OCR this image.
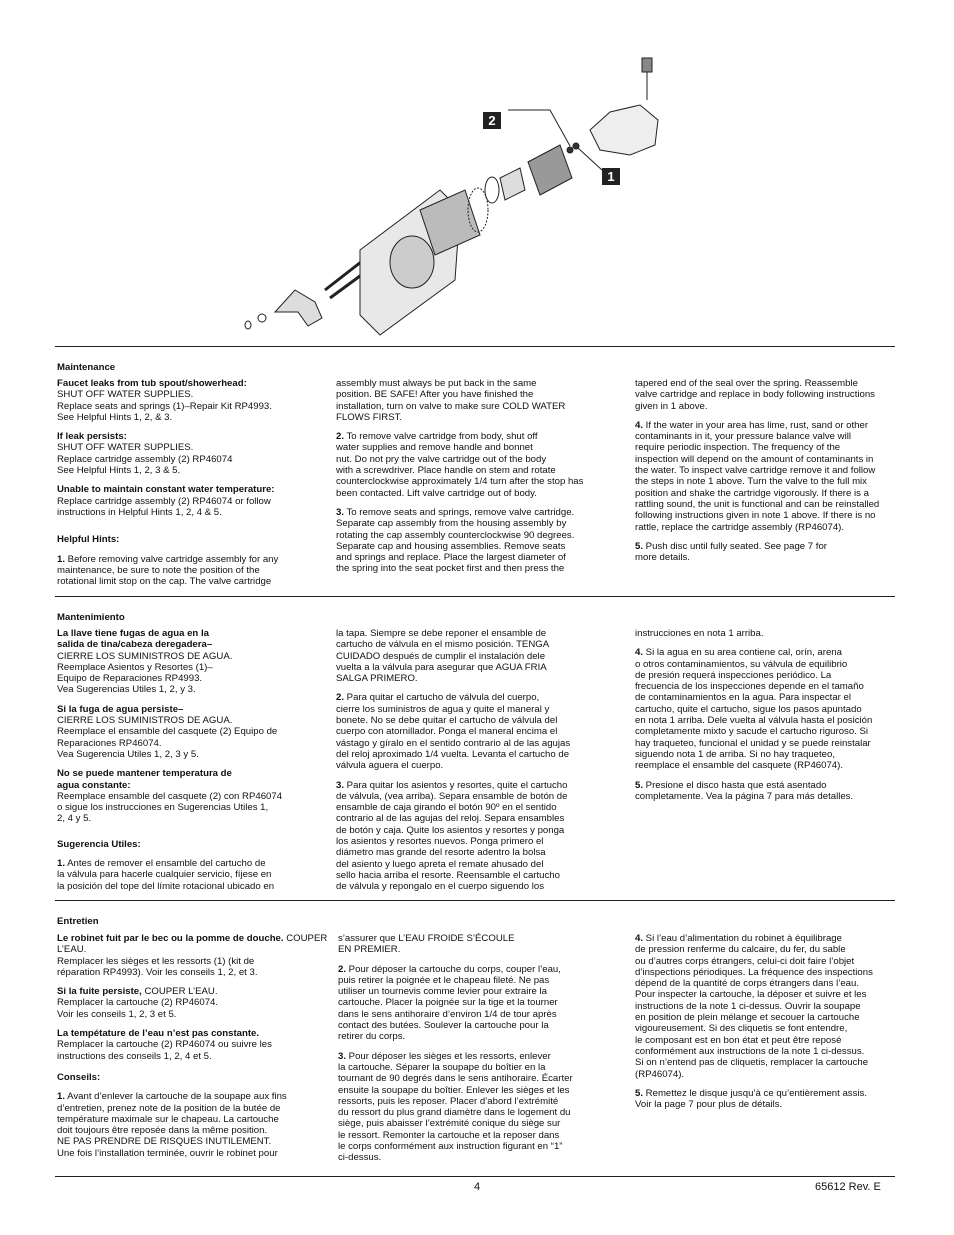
2
1
Maintenance

Faucet leaks from tub spout/showerhead:
SHUT OFF WATER SUPPLIES.
Replace seats and springs (1)–Repair Kit RP4993.
See Helpful Hints 1, 2, & 3.

If leak persists:
SHUT OFF WATER SUPPLIES.
Replace cartridge assembly (2) RP46074
See Helpful Hints 1, 2, 3 & 5.

Unable to maintain constant water temperature:
Replace cartridge assembly (2) RP46074 or follow
instructions in Helpful Hints 1, 2, 4 & 5.

Helpful Hints:

1. Before removing valve cartridge assembly for any
maintenance, be sure to note the position of the
rotational limit stop on the cap. The valve cartridge

assembly must always be put back in the same
position. BE SAFE! After you have finished the
installation, turn on valve to make sure COLD WATER
FLOWS FIRST.

2. To remove valve cartridge from body, shut off
water supplies and remove handle and bonnet
nut. Do not pry the valve cartridge out of the body
with a screwdriver. Place handle on stem and rotate
counterclockwise approximately 1/4 turn after the stop has
been contacted. Lift valve cartridge out of body.

3. To remove seats and springs, remove valve cartridge.
Separate cap assembly from the housing assembly by
rotating the cap assembly counterclockwise 90 degrees.
Separate cap and housing assemblies. Remove seats
and springs and replace. Place the largest diameter of
the spring into the seat pocket first and then press the

tapered end of the seal over the spring. Reassemble
valve cartridge and replace in body following instructions
given in 1 above.

4. If the water in your area has lime, rust, sand or other
contaminants in it, your pressure balance valve will
require periodic inspection. The frequency of the
inspection will depend on the amount of contaminants in
the water. To inspect valve cartridge remove it and follow
the steps in note 1 above. Turn the valve to the full mix
position and shake the cartridge vigorously. If there is a
rattling sound, the unit is functional and can be reinstalled
following instructions given in note 1 above. If there is no
rattle, replace the cartridge assembly (RP46074).

5. Push disc until fully seated. See page 7 for
more details.

Mantenimiento

La llave tiene fugas de agua en la
salida de tina/cabeza deregadera–
CIERRE LOS SUMINISTROS DE AGUA.
Reemplace Asientos y Resortes (1)–
Equipo de Reparaciones RP4993.
Vea Sugerencias Utiles 1, 2, y 3.

Si la fuga de agua persiste–
CIERRE LOS SUMINISTROS DE AGUA.
Reemplace el ensamble del casquete (2) Equipo de
Reparaciones RP46074.
Vea Sugerencia Utiles 1, 2, 3 y 5.

No se puede mantener temperatura de
agua constante:
Reemplace ensamble del casquete (2) con RP46074
o sigue los instrucciones en Sugerencias Utiles 1,
2, 4 y 5.

Sugerencia Utiles:

1. Antes de remover el ensamble del cartucho de
la válvula para hacerle cualquier servicio, fíjese en
la posición del tope del límite rotacional ubicado en

la tapa. Siempre se debe reponer el ensamble de
cartucho de válvula en el mismo posición. TENGA
CUIDADO después de cumplir el instalación dele
vuelta a la válvula para asegurar que AGUA FRIA
SALGA PRIMERO.

2. Para quitar el cartucho de válvula del cuerpo,
cierre los suministros de agua y quite el maneral y
bonete. No se debe quitar el cartucho de válvula del
cuerpo con atornillador. Ponga el maneral encima el
vástago y gíralo en el sentido contrario al de las agujas
del reloj aproximado 1/4 vuelta. Levanta el cartucho de
válvula aguera el cuerpo.

3. Para quitar los asientos y resortes, quite el cartucho
de válvula, (vea arriba). Separa ensamble de botón de
ensamble de caja girando el botón 90º en el sentido
contrario al de las agujas del reloj. Separa ensambles
de botón y caja. Quite los asientos y resortes y ponga
los asientos y resortes nuevos. Ponga primero el
diámetro mas grande del resorte adentro la bolsa
del asiento y luego apreta el remate ahusado del
sello hacia arriba el resorte. Reensamble el cartucho
de válvula y repongalo en el cuerpo siguendo los

instrucciones en nota 1 arriba.

4. Si la agua en su area contiene cal, orín, arena
o otros contaminamientos, su válvula de equilibrio
de presión requerá inspecciones periódico. La
frecuencia de los inspecciones depende en el tamaño
de contaminamientos en la agua. Para inspectar el
cartucho, quite el cartucho, sigue los pasos apuntado
en nota 1 arriba. Dele vuelta al válvula hasta el posición
completamente mixto y sacude el cartucho riguroso. Si
hay traqueteo, funcional el unidad y se puede reinstalar
siguendo nota 1 de arriba. Si no hay traqueteo,
reemplace el ensamble del casquete (RP46074).

5. Presione el disco hasta que está asentado
completamente. Vea la página 7 para más detalles.

Entretien

Le robinet fuit par le bec ou la pomme de douche. COUPER L’EAU.
Remplacer les sièges et les ressorts (1) (kit de
réparation RP4993). Voir les conseils 1, 2, et 3.

Si la fuite persiste, COUPER L’EAU.
Remplacer la cartouche (2) RP46074.
Voir les conseils 1, 2, 3 et 5.

La tempétature de l’eau n’est pas constante.
Remplacer la cartouche (2) RP46074 ou suivre les
instructions des conseils 1, 2, 4 et 5.

Conseils:

1. Avant d’enlever la cartouche de la soupape aux fins
d’entretien, prenez note de la position de la butée de
température maximale sur le chapeau. La cartouche
doit toujours être reposée dans la même position.
NE PAS PRENDRE DE RISQUES INUTILEMENT.
Une fois l’installation terminée, ouvrir le robinet pour

s’assurer que L’EAU FROIDE S’ÉCOULE
EN PREMIER.

2. Pour déposer la cartouche du corps, couper l’eau,
puis retirer la poignée et le chapeau fileté. Ne pas
utiliser un tournevis comme levier pour extraire la
cartouche. Placer la poignée sur la tige et la tourner
dans le sens antihoraire d’environ 1/4 de tour après
contact des butées. Soulever la cartouche pour la
retirer du corps.

3. Pour déposer les sièges et les ressorts, enlever
la cartouche. Séparer la soupape du boîtier en la
tournant de 90 degrés dans le sens antihoraire. Écarter
ensuite la soupape du boîtier. Enlever les sièges et les
ressorts, puis les reposer. Placer d’abord l’extrémité
du ressort du plus grand diamètre dans le logement du
siège, puis abaisser l’extrémité conique du siège sur
le ressort. Remonter la cartouche et la reposer dans
le corps conformément aux instruction figurant en “1”
ci-dessus.

4. Si l’eau d’alimentation du robinet à équilibrage
de pression renferme du calcaire, du fer, du sable
ou d’autres corps étrangers, celui-ci doit faire l’objet
d’inspections périodiques. La fréquence des inspections
dépend de la quantité de corps étrangers dans l’eau.
Pour inspecter la cartouche, la déposer et suivre et les
instructions de la note 1 ci-dessus. Ouvrir la soupape
en position de plein mélange et secouer la cartouche
vigoureusement. Si des cliquetis se font entendre,
le composant est en bon état et peut être reposé
conformément aux instructions de la note 1 ci-dessus.
Si on n’entend pas de cliquetis, remplacer la cartouche
(RP46074).

5. Remettez le disque jusqu’à ce qu’entièrement assis.
Voir la page 7 pour plus de détails.

4	65612 Rev. E
